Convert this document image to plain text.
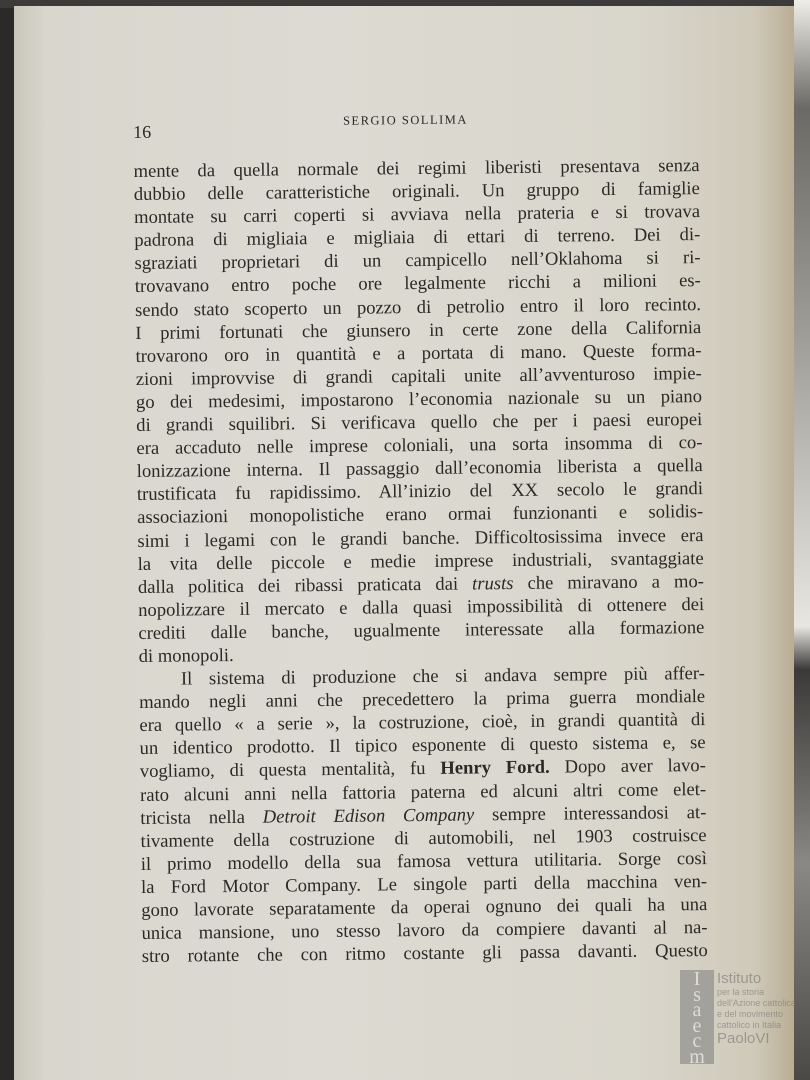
16
SERGIO SOLLIMA
mente da quella normale dei regimi liberisti presentava senza
dubbio delle caratteristiche originali. Un gruppo di famiglie
montate su carri coperti si avviava nella prateria e si trovava
padrona di migliaia e migliaia di ettari di terreno. Dei di-
sgraziati proprietari di un campicello nell’Oklahoma si ri-
trovavano entro poche ore legalmente ricchi a milioni es-
sendo stato scoperto un pozzo di petrolio entro il loro recinto.
I primi fortunati che giunsero in certe zone della California
trovarono oro in quantità e a portata di mano. Queste forma-
zioni improvvise di grandi capitali unite all’avventuroso impie-
go dei medesimi, impostarono l’economia nazionale su un piano
di grandi squilibri. Si verificava quello che per i paesi europei
era accaduto nelle imprese coloniali, una sorta insomma di co-
lonizzazione interna. Il passaggio dall’economia liberista a quella
trustificata fu rapidissimo. All’inizio del XX secolo le grandi
associazioni monopolistiche erano ormai funzionanti e solidis-
simi i legami con le grandi banche. Difficoltosissima invece era
la vita delle piccole e medie imprese industriali, svantaggiate
dalla politica dei ribassi praticata dai trusts che miravano a mo-
nopolizzare il mercato e dalla quasi impossibilità di ottenere dei
crediti dalle banche, ugualmente interessate alla formazione
di monopoli.
Il sistema di produzione che si andava sempre più affer-
mando negli anni che precedettero la prima guerra mondiale
era quello « a serie », la costruzione, cioè, in grandi quantità di
un identico prodotto. Il tipico esponente di questo sistema e, se
vogliamo, di questa mentalità, fu Henry Ford. Dopo aver lavo-
rato alcuni anni nella fattoria paterna ed alcuni altri come elet-
tricista nella Detroit Edison Company sempre interessandosi at-
tivamente della costruzione di automobili, nel 1903 costruisce
il primo modello della sua famosa vettura utilitaria. Sorge così
la Ford Motor Company. Le singole parti della macchina ven-
gono lavorate separatamente da operai ognuno dei quali ha una
unica mansione, uno stesso lavoro da compiere davanti al na-
stro rotante che con ritmo costante gli passa davanti. Questo
I
s
a
e
c
m
Istituto
per la storia
dell'Azione cattolica
e del movimento
cattolico in Italia
PaoloVI
